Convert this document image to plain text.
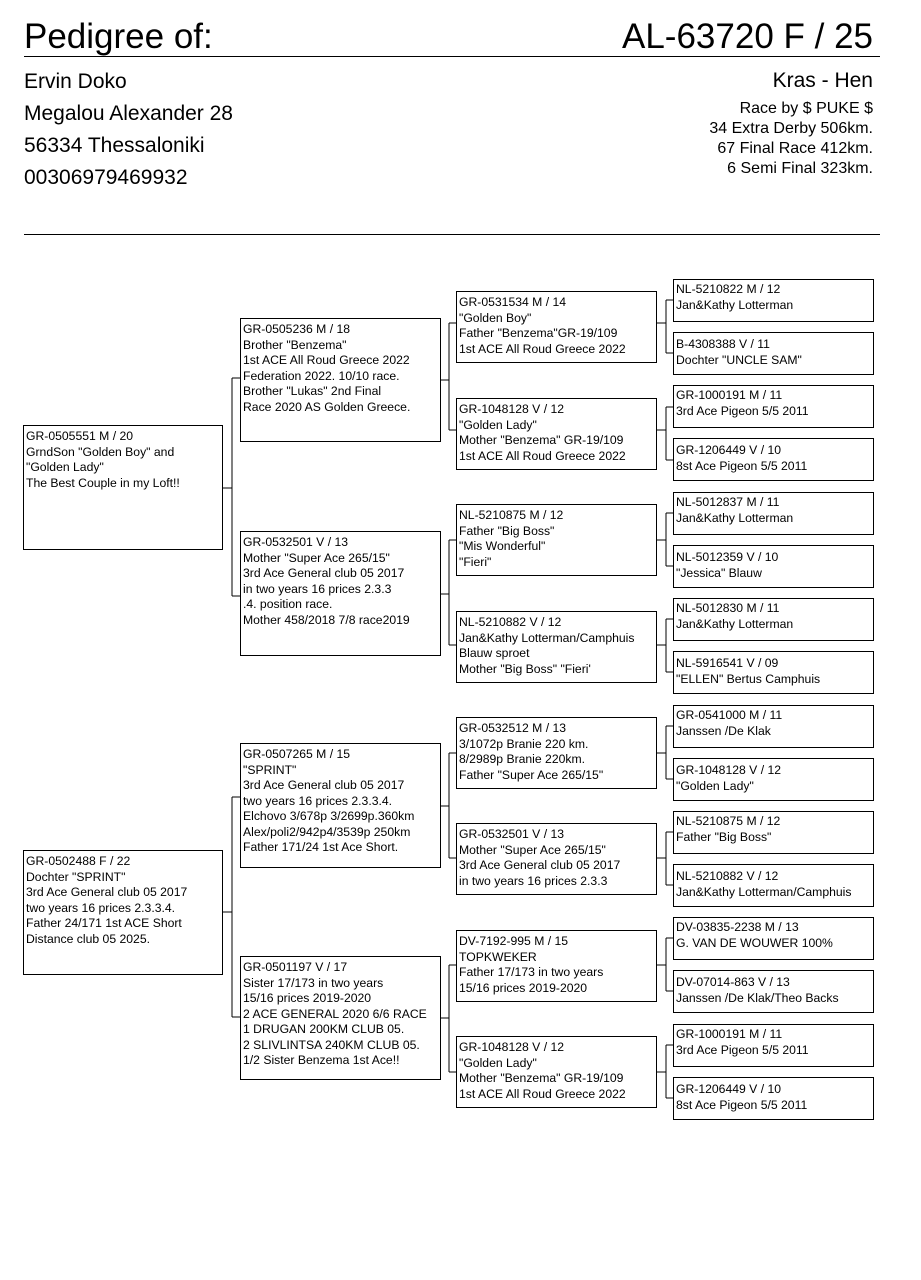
Pedigree of:	AL-63720 F / 25
Ervin Doko
Megalou Alexander 28
56334 Thessaloniki
00306979469932
Kras - Hen
Race by $ PUKE $
34 Extra Derby 506km.
67 Final Race 412km.
6 Semi Final 323km.
GR-0505551 M / 20
GrndSon "Golden Boy" and
"Golden Lady"
The Best Couple in my Loft!!
GR-0502488 F / 22
Dochter "SPRINT"
3rd Ace General club 05 2017
two years 16 prices 2.3.3.4.
Father 24/171 1st ACE Short
Distance club 05 2025.
GR-0505236 M / 18
Brother "Benzema"
1st ACE All Roud Greece 2022
Federation 2022. 10/10 race.
Brother "Lukas" 2nd Final
Race 2020 AS Golden Greece.
GR-0532501 V / 13
Mother "Super Ace 265/15"
3rd Ace General club 05 2017
in two years 16 prices 2.3.3
.4. position race.
Mother 458/2018 7/8 race2019
GR-0507265 M / 15
"SPRINT"
3rd Ace General club 05 2017
two years 16 prices 2.3.3.4.
Elchovo 3/678p 3/2699p.360km
Alex/poli2/942p4/3539p 250km
Father 171/24 1st Ace Short.
GR-0501197 V / 17
Sister 17/173 in two years
15/16 prices 2019-2020
2 ACE GENERAL 2020 6/6 RACE
1 DRUGAN 200KM CLUB 05.
2 SLIVLINTSA 240KM CLUB 05.
1/2 Sister Benzema 1st Ace!!
GR-0531534 M / 14
"Golden Boy"
Father "Benzema"GR-19/109
1st ACE All Roud Greece 2022
GR-1048128 V / 12
"Golden Lady"
Mother "Benzema" GR-19/109
1st ACE All Roud Greece 2022
NL-5210875 M / 12
Father "Big Boss"
"Mis Wonderful"
"Fieri"
NL-5210882 V / 12
Jan&Kathy Lotterman/Camphuis
Blauw sproet
Mother "Big Boss" "Fieri'
GR-0532512 M / 13
3/1072p Branie 220 km.
8/2989p Branie 220km.
Father "Super Ace 265/15"
GR-0532501 V / 13
Mother "Super Ace 265/15"
3rd Ace General club 05 2017
in two years 16 prices 2.3.3
DV-7192-995 M / 15
TOPKWEKER
Father 17/173 in two years
15/16 prices 2019-2020
GR-1048128 V / 12
"Golden Lady"
Mother "Benzema" GR-19/109
1st ACE All Roud Greece 2022
NL-5210822 M / 12
Jan&Kathy Lotterman
B-4308388 V / 11
Dochter "UNCLE SAM"
GR-1000191 M / 11
3rd Ace Pigeon 5/5 2011
GR-1206449 V / 10
8st Ace Pigeon 5/5 2011
NL-5012837 M / 11
Jan&Kathy Lotterman
NL-5012359 V / 10
"Jessica" Blauw
NL-5012830 M / 11
Jan&Kathy Lotterman
NL-5916541 V / 09
"ELLEN" Bertus Camphuis
GR-0541000 M / 11
Janssen /De Klak
GR-1048128 V / 12
"Golden Lady"
NL-5210875 M / 12
Father "Big Boss"
NL-5210882 V / 12
Jan&Kathy Lotterman/Camphuis
DV-03835-2238 M / 13
G. VAN DE WOUWER 100%
DV-07014-863 V / 13
Janssen /De Klak/Theo Backs
GR-1000191 M / 11
3rd Ace Pigeon 5/5 2011
GR-1206449 V / 10
8st Ace Pigeon 5/5 2011
